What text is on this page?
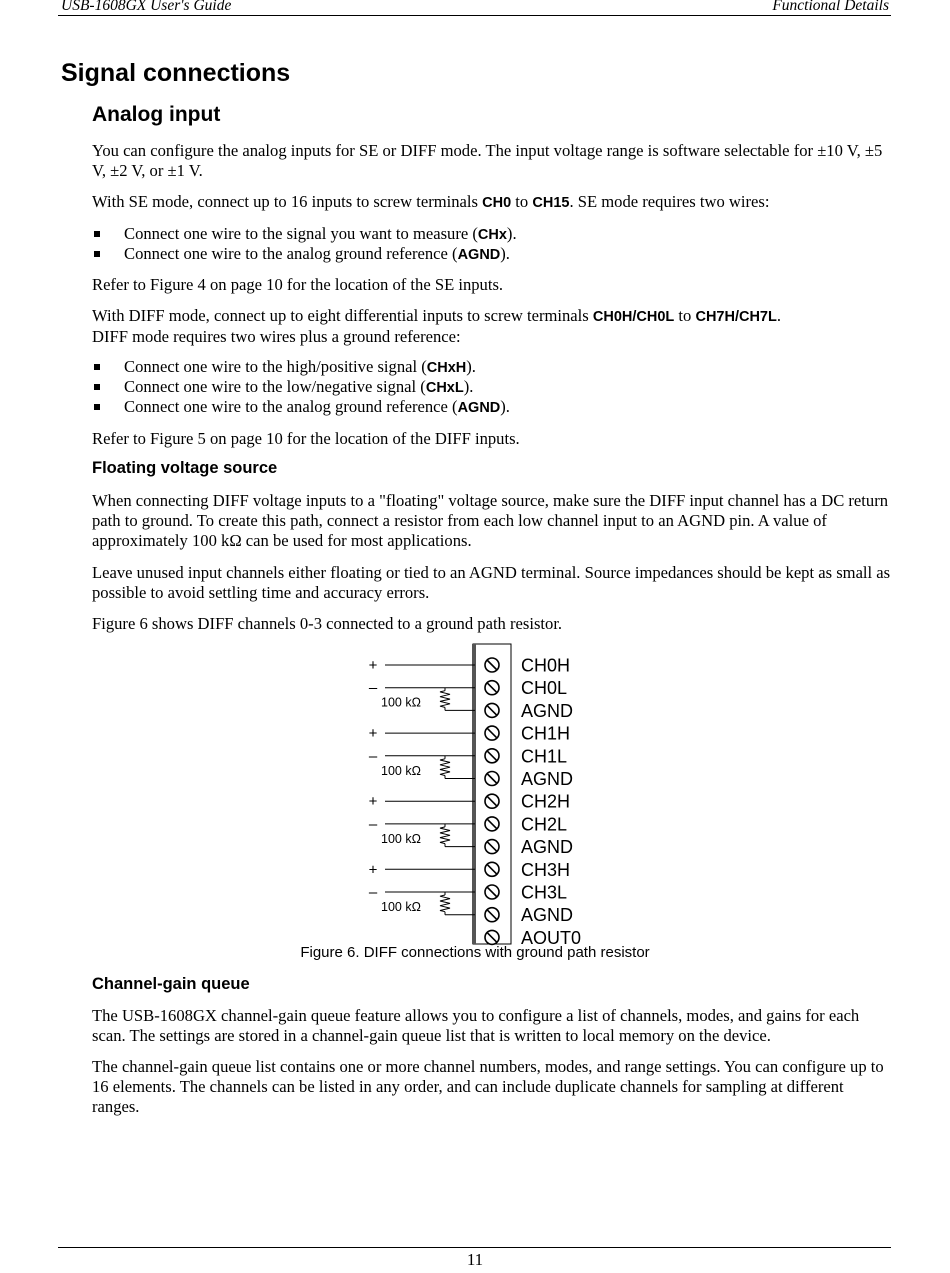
USB-1608GX User's Guide	Functional Details
Signal connections
Analog input

You can configure the analog inputs for SE or DIFF mode. The input voltage range is software selectable for ±10 V, ±5 V, ±2 V, or ±1 V.

With SE mode, connect up to 16 inputs to screw terminals CH0 to CH15. SE mode requires two wires:

Connect one wire to the signal you want to measure (CHx).
Connect one wire to the analog ground reference (AGND).

Refer to Figure 4 on page 10 for the location of the SE inputs.

With DIFF mode, connect up to eight differential inputs to screw terminals CH0H/CH0L to CH7H/CH7L.
DIFF mode requires two wires plus a ground reference:

Connect one wire to the high/positive signal (CHxH).
Connect one wire to the low/negative signal (CHxL).
Connect one wire to the analog ground reference (AGND).

Refer to Figure 5 on page 10 for the location of the DIFF inputs.

Floating voltage source

When connecting DIFF voltage inputs to a "floating" voltage source, make sure the DIFF input channel has a DC return path to ground. To create this path, connect a resistor from each low channel input to an AGND pin. A value of approximately 100 kΩ can be used for most applications.

Leave unused input channels either floating or tied to an AGND terminal. Source impedances should be kept as small as possible to avoid settling time and accuracy errors.

Figure 6 shows DIFF channels 0-3 connected to a ground path resistor.

CH0H
CH0L
AGND
CH1H
CH1L
AGND
CH2H
CH2L
AGND
CH3H
CH3L
AGND
AOUT0
+
–
100 kΩ
+
–
100 kΩ
+
–
100 kΩ
+
–
100 kΩ
Figure 6. DIFF connections with ground path resistor
Channel-gain queue

The USB-1608GX channel-gain queue feature allows you to configure a list of channels, modes, and gains for each scan. The settings are stored in a channel-gain queue list that is written to local memory on the device.

The channel-gain queue list contains one or more channel numbers, modes, and range settings. You can configure up to 16 elements. The channels can be listed in any order, and can include duplicate channels for sampling at different ranges.

11
